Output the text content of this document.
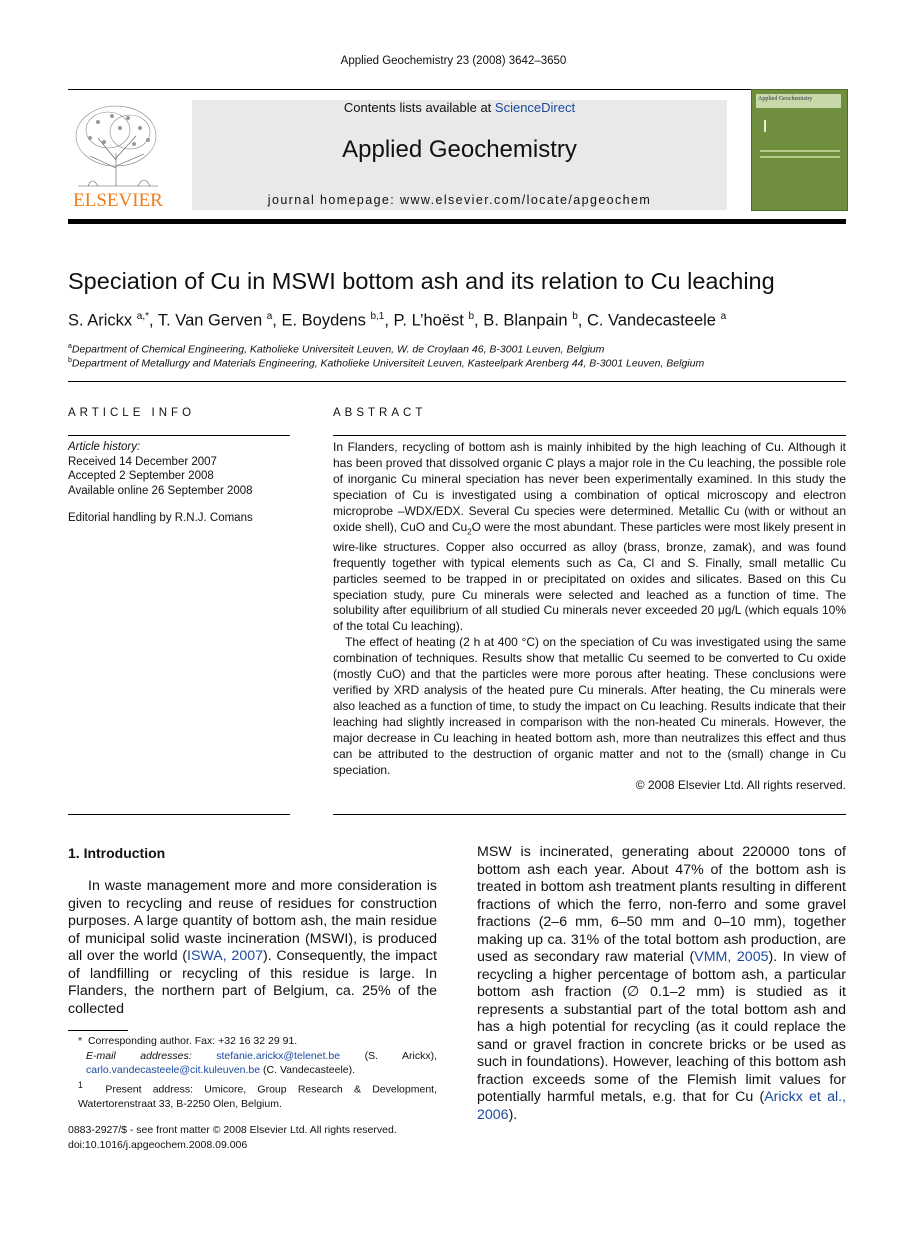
Applied Geochemistry 23 (2008) 3642–3650
ELSEVIER
Contents lists available at ScienceDirect
Applied Geochemistry
journal homepage: www.elsevier.com/locate/apgeochem
Applied Geochemistry
Speciation of Cu in MSWI bottom ash and its relation to Cu leaching
S. Arickx $^{a,*}$, T. Van Gerven $^a$, E. Boydens $^{b,1}$, P. L’hoëst $^b$, B. Blanpain $^b$, C. Vandecasteele $^a$
$^a$Department of Chemical Engineering, Katholieke Universiteit Leuven, W. de Croylaan 46, B-3001 Leuven, Belgium
$^b$Department of Metallurgy and Materials Engineering, Katholieke Universiteit Leuven, Kasteelpark Arenberg 44, B-3001 Leuven, Belgium
ARTICLE INFO
Article history:
Received 14 December 2007
Accepted 2 September 2008
Available online 26 September 2008
Editorial handling by R.N.J. Comans
ABSTRACT

In Flanders, recycling of bottom ash is mainly inhibited by the high leaching of Cu. Although it has been proved that dissolved organic C plays a major role in the Cu leaching, the possible role of inorganic Cu mineral speciation has never been experimentally examined. In this study the speciation of Cu is investigated using a combination of optical microscopy and electron microprobe –WDX/EDX. Several Cu species were determined. Metallic Cu (with or without an oxide shell), CuO and $Cu_2O$ were the most abundant. These particles were most likely present in wire-like structures. Copper also occurred as alloy (brass, bronze, zamak), and was found frequently together with typical elements such as Ca, Cl and S. Finally, small metallic Cu particles seemed to be trapped in or precipitated on oxides and silicates. Based on this Cu speciation study, pure Cu minerals were selected and leached as a function of time. The solubility after equilibrium of all studied Cu minerals never exceeded 20 μg/L (which equals 10% of the total Cu leaching).

The effect of heating (2 h at 400 °C) on the speciation of Cu was investigated using the same combination of techniques. Results show that metallic Cu seemed to be converted to Cu oxide (mostly CuO) and that the particles were more porous after heating. These conclusions were verified by XRD analysis of the heated pure Cu minerals. After heating, the Cu minerals were also leached as a function of time, to study the impact on Cu leaching. Results indicate that their leaching had slightly increased in comparison with the non-heated Cu minerals. However, the major decrease in Cu leaching in heated bottom ash, more than neutralizes this effect and thus can be attributed to the destruction of organic matter and not to the (small) change in Cu speciation.

© 2008 Elsevier Ltd. All rights reserved.
1. Introduction

In waste management more and more consideration is given to recycling and reuse of residues for construction purposes. A large quantity of bottom ash, the main residue of municipal solid waste incineration (MSWI), is produced all over the world (ISWA, 2007). Consequently, the impact of landfilling or recycling of this residue is large. In Flanders, the northern part of Belgium, ca. 25% of the collected

MSW is incinerated, generating about 220000 tons of bottom ash each year. About 47% of the bottom ash is treated in bottom ash treatment plants resulting in different fractions of which the ferro, non-ferro and some gravel fractions (2–6 mm, 6–50 mm and 0–10 mm), together making up ca. 31% of the total bottom ash production, are used as secondary raw material (VMM, 2005). In view of recycling a higher percentage of bottom ash, a particular bottom ash fraction (∅ 0.1–2 mm) is studied as it represents a substantial part of the total bottom ash and has a high potential for recycling (as it could replace the sand or gravel fraction in concrete bricks or be used as such in foundations). However, leaching of this bottom ash fraction exceeds some of the Flemish limit values for potentially harmful metals, e.g. that for Cu (Arickx et al., 2006).

* Corresponding author. Fax: +32 16 32 29 91.
E-mail addresses: stefanie.arickx@telenet.be (S. Arickx), carlo.vandecasteele@cit.kuleuven.be (C. Vandecasteele).
$^1$ Present address: Umicore, Group Research & Development, Watertorenstraat 33, B-2250 Olen, Belgium.
0883-2927/$ - see front matter © 2008 Elsevier Ltd. All rights reserved.
doi:10.1016/j.apgeochem.2008.09.006
